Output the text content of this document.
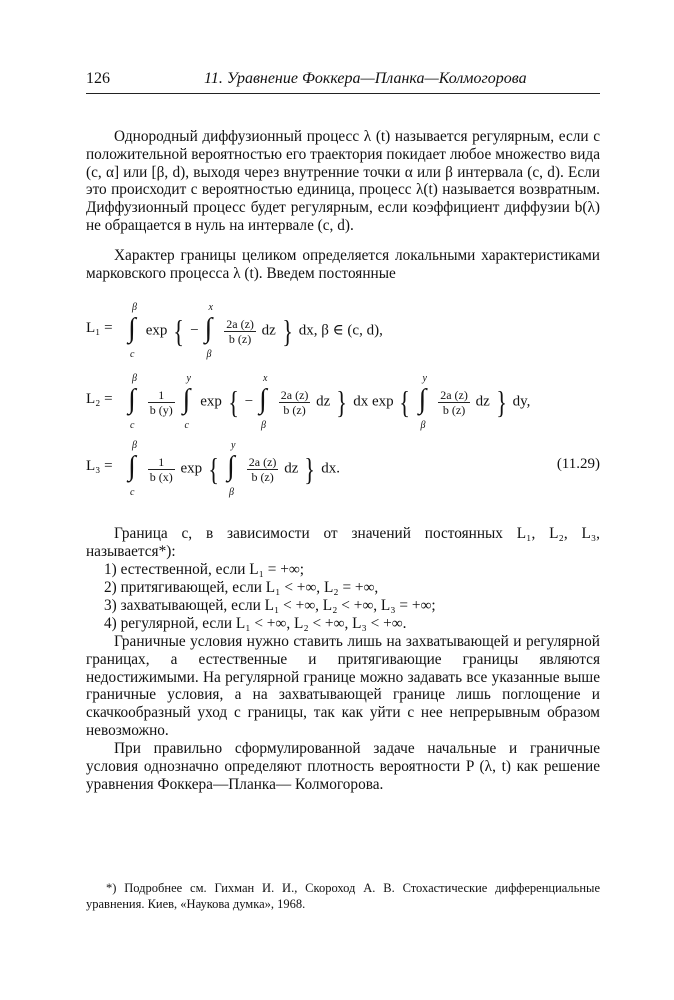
126	11. Уравнение Фоккера—Планка—Колмогорова

Однородный диффузионный процесс λ (t) называется регулярным, если с положительной вероятностью его траектория покидает любое множество вида (c, α] или [β, d), выходя через внутренние точки α или β интервала (c, d). Если это происходит с вероятностью единица, процесс λ(t) называется возвратным. Диффузионный процесс будет регулярным, если коэффициент диффузии b(λ) не обращается в нуль на интервале (c, d).

Характер границы целиком определяется локальными характеристиками марковского процесса λ (t). Введем постоянные

L₁ = ∫
β
c
exp { − ∫
x
β

$\frac{2a (z)}{b (z)}$ dz } dx, β ∈ (c, d),
L₂ = ∫
β
c

$\frac{1}{b (y)}$
∫
y
c
exp { − ∫
x
β

$\frac{2a (z)}{b (z)}$ dz } dx exp { ∫
y
β

$\frac{2a (z)}{b (z)}$ dz } dy,
L₃ = ∫
β
c

$\frac{1}{b (x)}$ exp { ∫
y
β

$\frac{2a (z)}{b (z)}$ dz } dx.	(11.29)

Граница c, в зависимости от значений постоянных L₁, L₂, L₃, называется*):

1) естественной, если L₁ = +∞;
2) притягивающей, если L₁ < +∞, L₂ = +∞,
3) захватывающей, если L₁ < +∞, L₂ < +∞, L₃ = +∞;
4) регулярной, если L₁ < +∞, L₂ < +∞, L₃ < +∞.

Граничные условия нужно ставить лишь на захватывающей и регулярной границах, а естественные и притягивающие границы являются недостижимыми. На регулярной границе можно задавать все указанные выше граничные условия, а на захватывающей границе лишь поглощение и скачкообразный уход с границы, так как уйти с нее непрерывным образом невозможно.

При правильно сформулированной задаче начальные и граничные условия однозначно определяют плотность вероятности P (λ, t) как решение уравнения Фоккера—Планка— Колмогорова.

*) Подробнее см. Гихман И. И., Скороход А. В. Стохастические дифференциальные уравнения. Киев, «Наукова думка», 1968.
